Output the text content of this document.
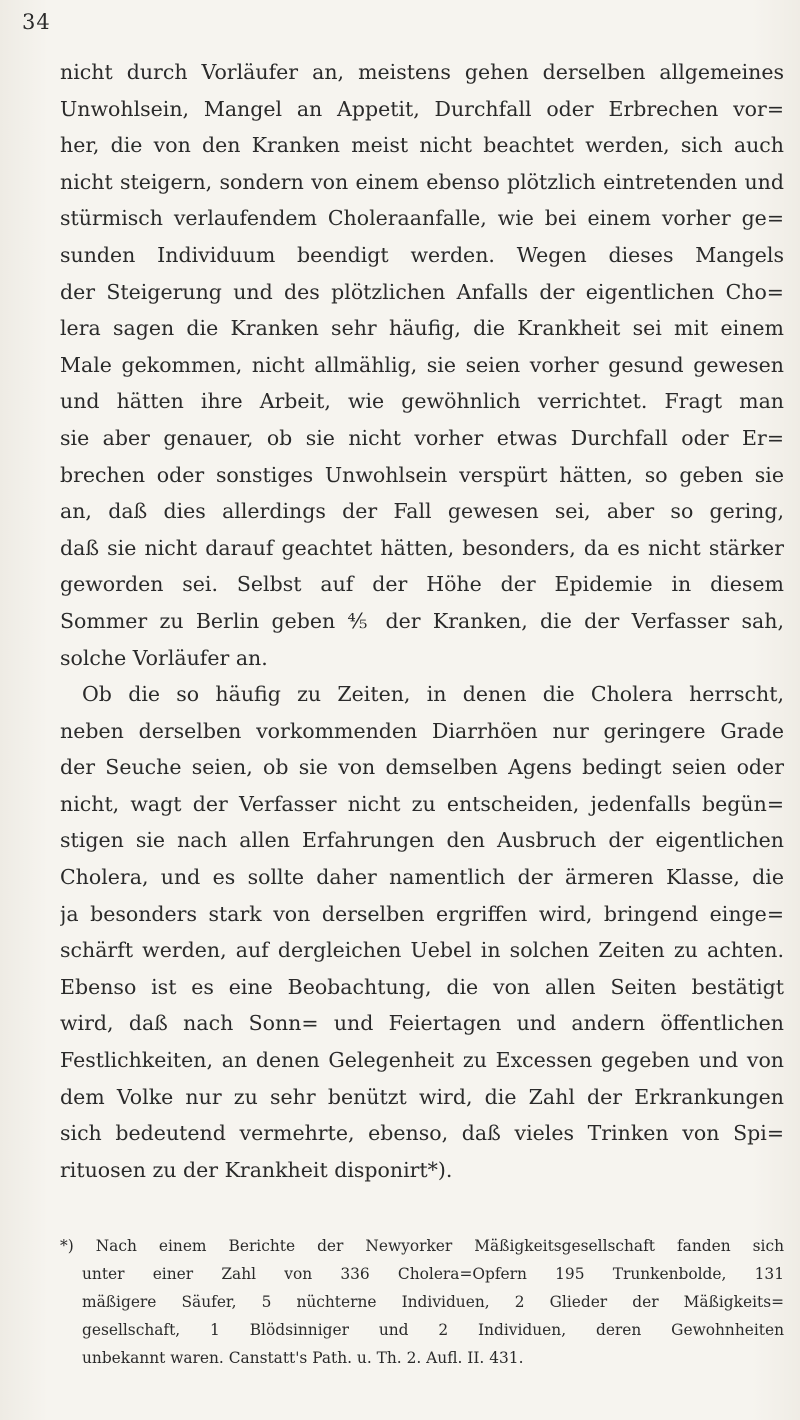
34
nicht durch Vorläufer an, meistens gehen derselben allgemeines
Unwohlsein, Mangel an Appetit, Durchfall oder Erbrechen vor=
her, die von den Kranken meist nicht beachtet werden, sich auch
nicht steigern, sondern von einem ebenso plötzlich eintretenden und
stürmisch verlaufendem Choleraanfalle, wie bei einem vorher ge=
sunden Individuum beendigt werden. Wegen dieses Mangels
der Steigerung und des plötzlichen Anfalls der eigentlichen Cho=
lera sagen die Kranken sehr häufig, die Krankheit sei mit einem
Male gekommen, nicht allmählig, sie seien vorher gesund gewesen
und hätten ihre Arbeit, wie gewöhnlich verrichtet. Fragt man
sie aber genauer, ob sie nicht vorher etwas Durchfall oder Er=
brechen oder sonstiges Unwohlsein verspürt hätten, so geben sie
an, daß dies allerdings der Fall gewesen sei, aber so gering,
daß sie nicht darauf geachtet hätten, besonders, da es nicht stärker
geworden sei. Selbst auf der Höhe der Epidemie in diesem
Sommer zu Berlin geben ⅘ der Kranken, die der Verfasser sah,
solche Vorläufer an.
Ob die so häufig zu Zeiten, in denen die Cholera herrscht,
neben derselben vorkommenden Diarrhöen nur geringere Grade
der Seuche seien, ob sie von demselben Agens bedingt seien oder
nicht, wagt der Verfasser nicht zu entscheiden, jedenfalls begün=
stigen sie nach allen Erfahrungen den Ausbruch der eigentlichen
Cholera, und es sollte daher namentlich der ärmeren Klasse, die
ja besonders stark von derselben ergriffen wird, bringend einge=
schärft werden, auf dergleichen Uebel in solchen Zeiten zu achten.
Ebenso ist es eine Beobachtung, die von allen Seiten bestätigt
wird, daß nach Sonn= und Feiertagen und andern öffentlichen
Festlichkeiten, an denen Gelegenheit zu Excessen gegeben und von
dem Volke nur zu sehr benützt wird, die Zahl der Erkrankungen
sich bedeutend vermehrte, ebenso, daß vieles Trinken von Spi=
rituosen zu der Krankheit disponirt*).
*) Nach einem Berichte der Newyorker Mäßigkeitsgesellschaft fanden sich
unter einer Zahl von 336 Cholera=Opfern 195 Trunkenbolde, 131
mäßigere Säufer, 5 nüchterne Individuen, 2 Glieder der Mäßigkeits=
gesellschaft, 1 Blödsinniger und 2 Individuen, deren Gewohnheiten
unbekannt waren. Canstatt's Path. u. Th. 2. Aufl. II. 431.
